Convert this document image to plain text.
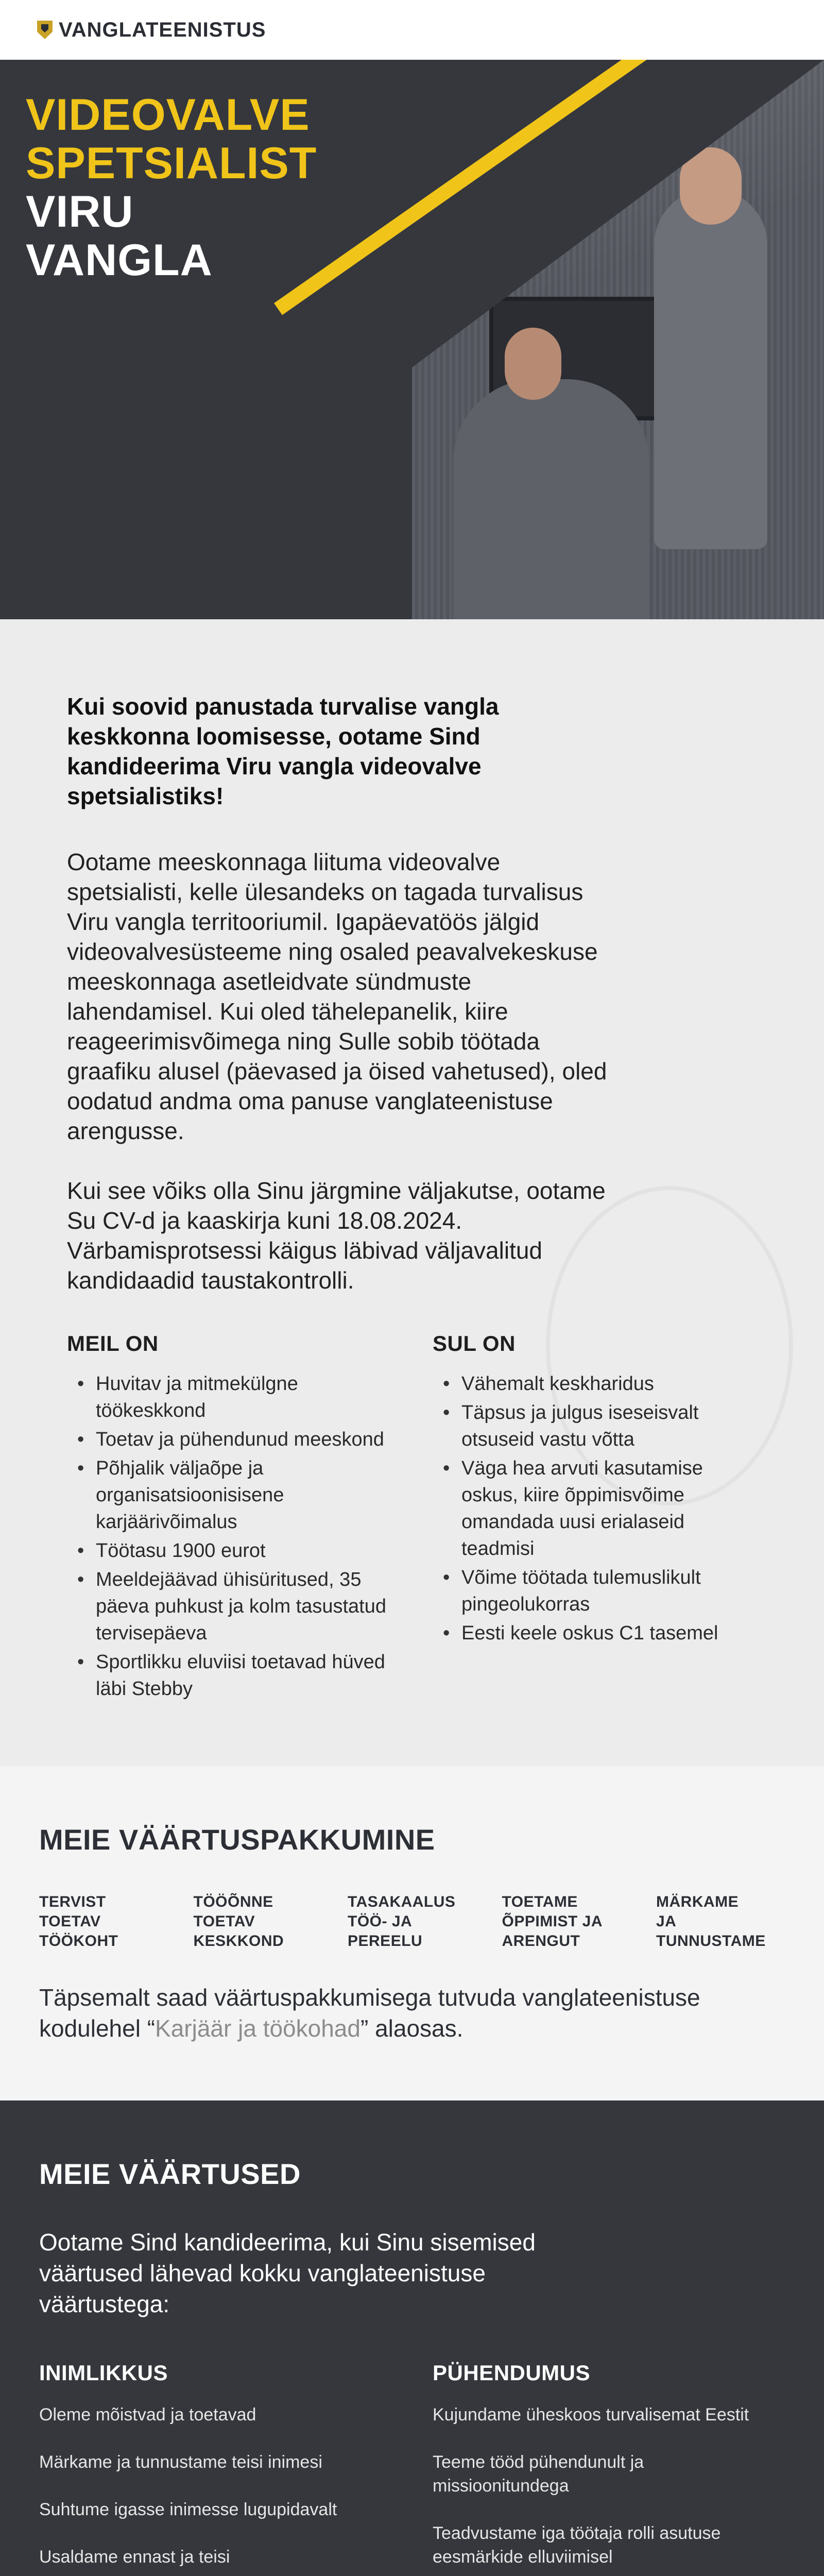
VANGLATEENISTUS
VIDEOVALVE
SPETSIALIST
VIRU
VANGLA

Kui soovid panustada turvalise vangla keskkonna loomisesse, ootame Sind kandideerima Viru vangla videovalve spetsialistiks!

Ootame meeskonnaga liituma videovalve spetsialisti, kelle ülesandeks on tagada turvalisus Viru vangla territooriumil. Igapäevatöös jälgid videovalvesüsteeme ning osaled peavalvekeskuse meeskonnaga asetleidvate sündmuste lahendamisel. Kui oled tähelepanelik, kiire reageerimisvõimega ning Sulle sobib töötada graafiku alusel (päevased ja öised vahetused), oled oodatud andma oma panuse vanglateenistuse arengusse.

Kui see võiks olla Sinu järgmine väljakutse, ootame Su CV-d ja kaaskirja kuni 18.08.2024. Värbamisprotsessi käigus läbivad väljavalitud kandidaadid taustakontrolli.

MEIL ON
• Huvitav ja mitmekülgne töökeskkond
• Toetav ja pühendunud meeskond
• Põhjalik väljaõpe ja organisatsioonisisene karjäärivõimalus
• Töötasu 1900 eurot
• Meeldejäävad ühisüritused, 35 päeva puhkust ja kolm tasustatud tervisepäeva
• Sportlikku eluviisi toetavad hüved läbi Stebby
SUL ON
• Vähemalt keskharidus
• Täpsus ja julgus iseseisvalt otsuseid vastu võtta
• Väga hea arvuti kasutamise oskus, kiire õppimisvõime omandada uusi erialaseid teadmisi
• Võime töötada tulemuslikult pingeolukorras
• Eesti keele oskus C1 tasemel
MEIE VÄÄRTUSPAKKUMINE
TERVIST
TOETAV
TÖÖKOHT
TÖÖÕNNE
TOETAV
KESKKOND
TASAKAALUS
TÖÖ- JA
PEREELU
TOETAME
ÕPPIMIST JA
ARENGUT
MÄRKAME
JA
TUNNUSTAME

Täpsemalt saad väärtuspakkumisega tutvuda vanglateenistuse kodulehel “Karjäär ja töökohad” alaosas.

MEIE VÄÄRTUSED

Ootame Sind kandideerima, kui Sinu sisemised väärtused lähevad kokku vanglateenistuse väärtustega:

INIMLIKKUS

Oleme mõistvad ja toetavad

Märkame ja tunnustame teisi inimesi

Suhtume igasse inimesse lugupidavalt

Usaldame ennast ja teisi

PÜHENDUMUS

Kujundame üheskoos turvalisemat Eestit

Teeme tööd pühendunult ja missioonitundega

Teadvustame iga töötaja rolli asutuse eesmärkide elluviimisel
